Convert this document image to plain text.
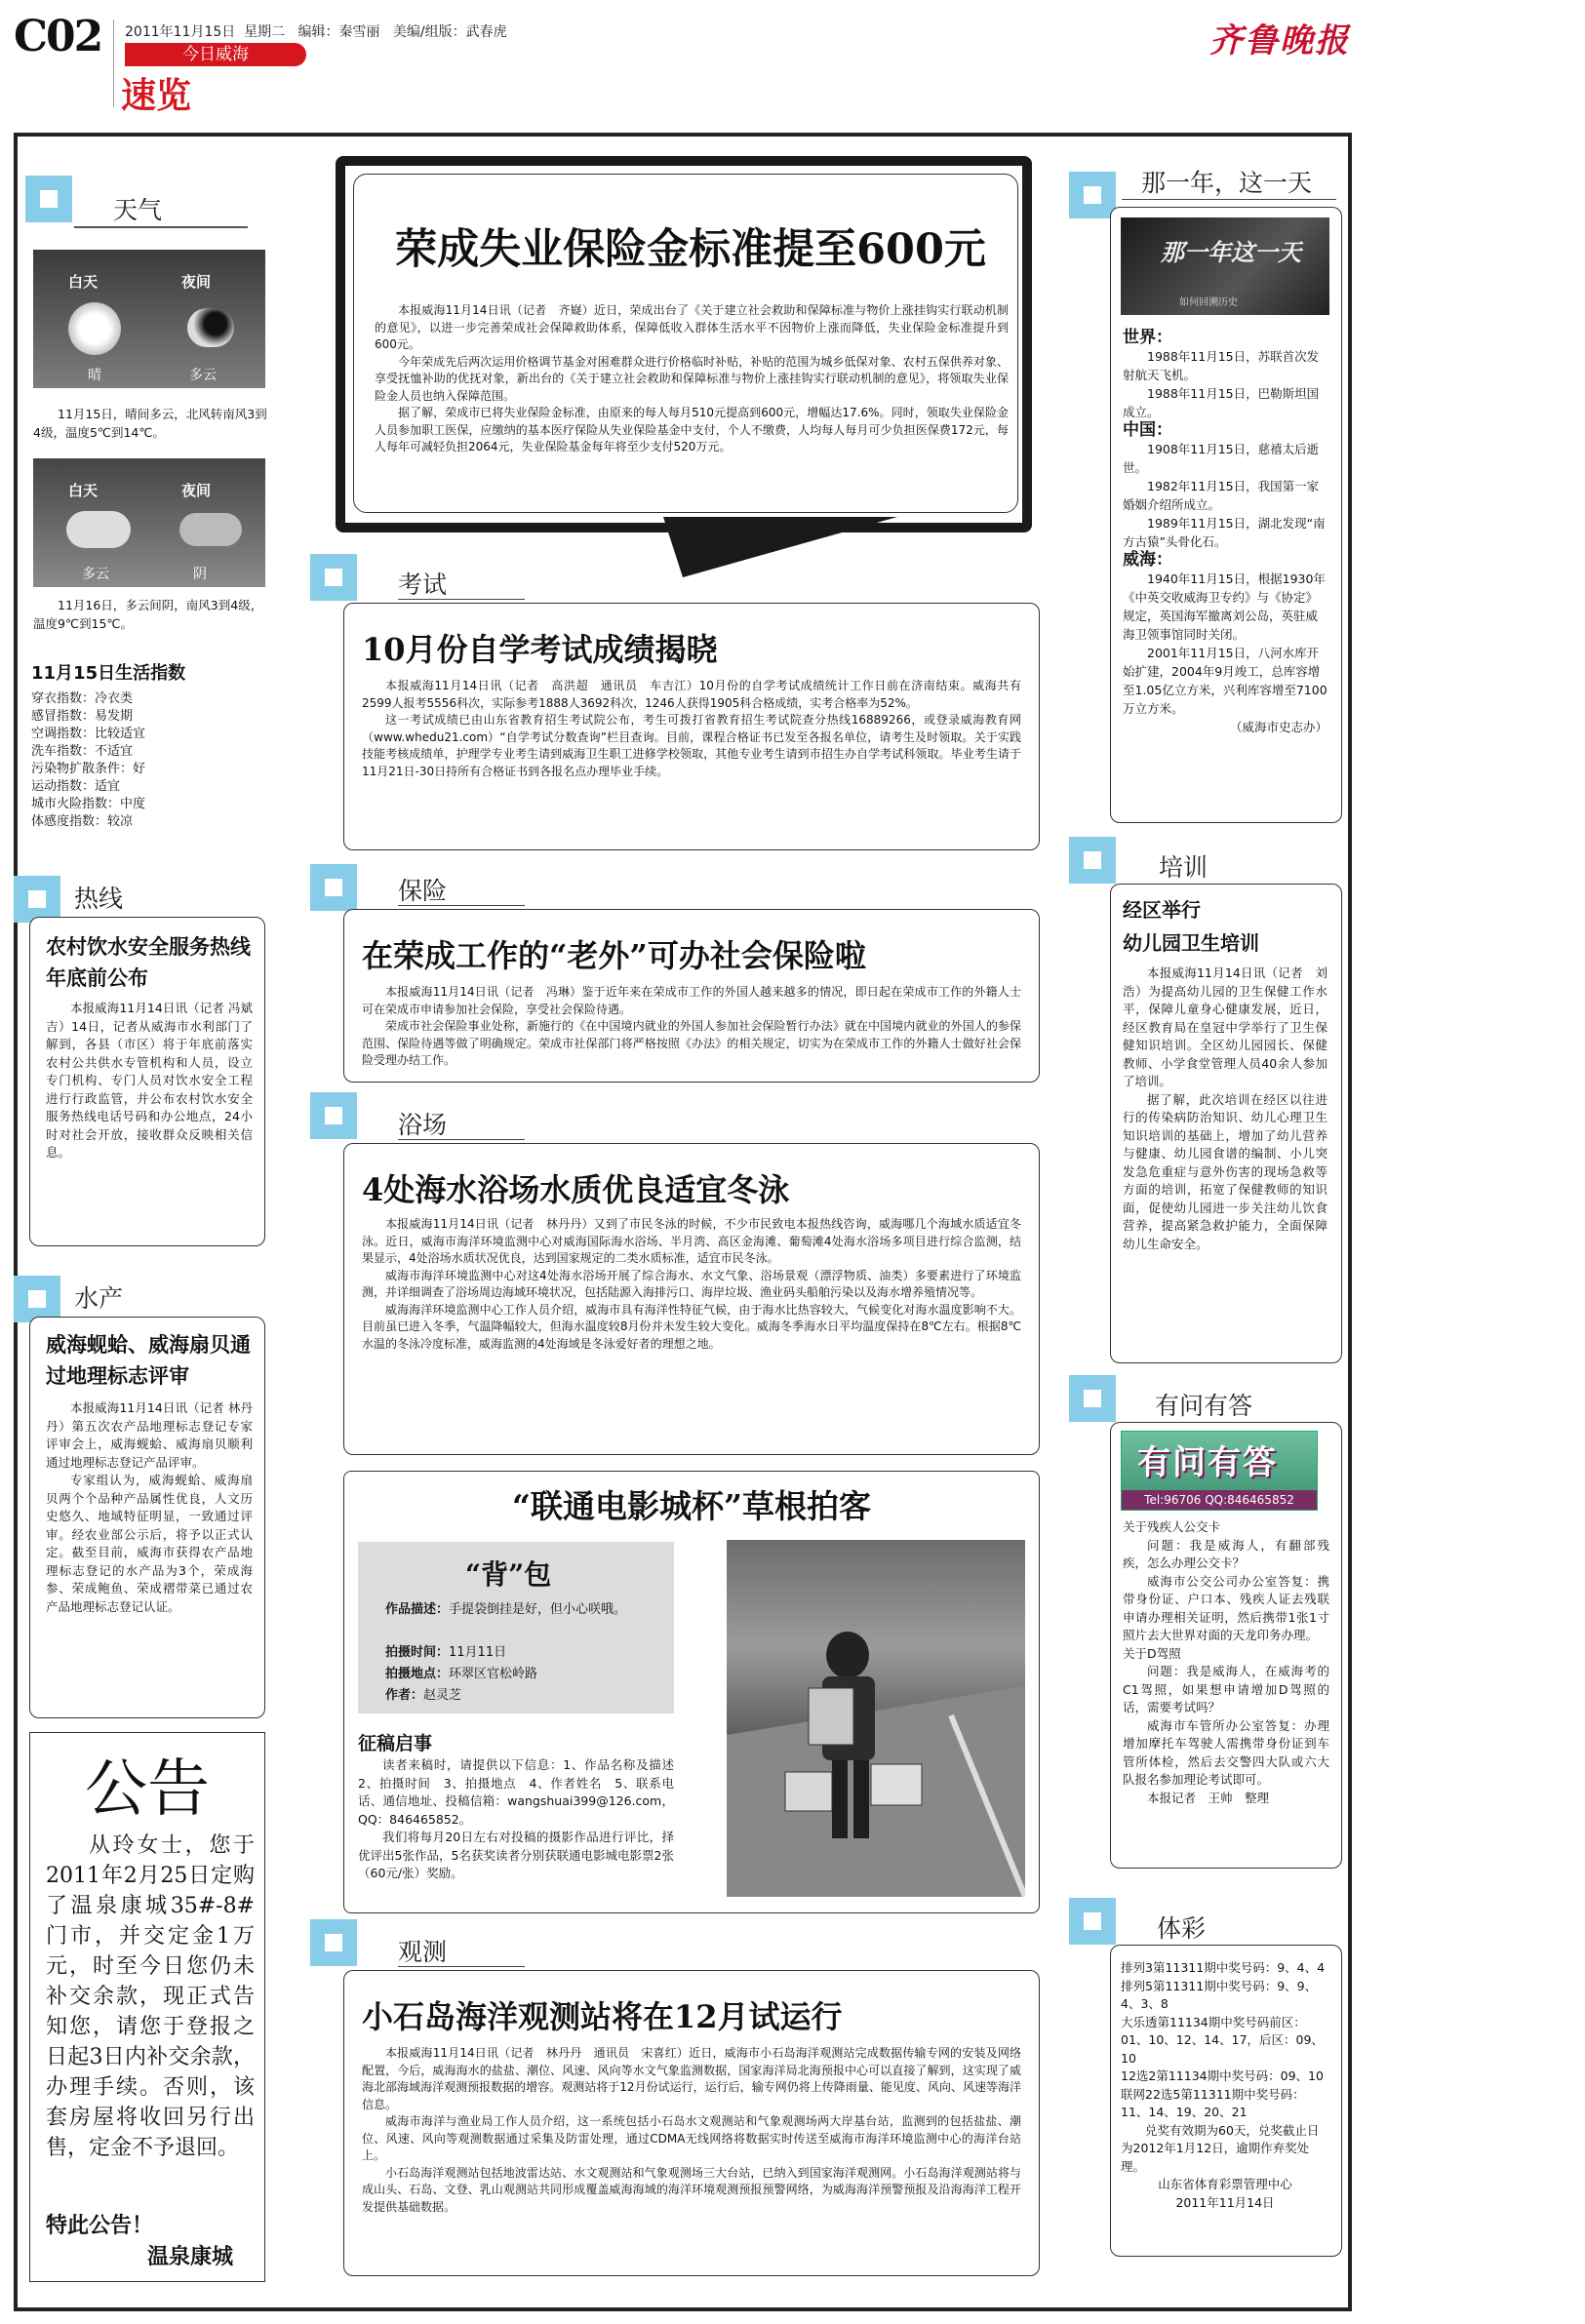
C02 2011年11月15日 星期二 编辑：秦雪丽 美编/组版：武春虎
今日威海
速览
齐鲁晚报
天气
白天	夜间
晴	多云
11月15日，晴间多云，北风转南风3到4级，温度5℃到14℃。
白天	夜间
多云	阴
11月16日，多云间阴，南风3到4级，温度9℃到15℃。
11月15日生活指数
穿衣指数：冷衣类
感冒指数：易发期
空调指数：比较适宜
洗车指数：不适宜
污染物扩散条件：好
运动指数：适宜
城市火险指数：中度
体感度指数：较凉
热线
农村饮水安全服务热线年底前公布
本报威海11月14日讯（记者 冯斌吉）14日，记者从威海市水利部门了解到，各县（市区）将于年底前落实农村公共供水专管机构和人员，设立专门机构、专门人员对饮水安全工程进行行政监管，并公布农村饮水安全服务热线电话号码和办公地点，24小时对社会开放，接收群众反映相关信息。
水产
威海蚬蛤、威海扇贝通过地理标志评审

本报威海11月14日讯（记者 林丹丹）第五次农产品地理标志登记专家评审会上，威海蚬蛤、威海扇贝顺利通过地理标志登记产品评审。

专家组认为，威海蚬蛤、威海扇贝两个个品种产品属性优良，人文历史悠久、地域特征明显，一致通过评审。经农业部公示后，将予以正式认定。截至目前，威海市获得农产品地理标志登记的水产品为3个，荣成海参、荣成鲍鱼、荣成褶带菜已通过农产品地理标志登记认证。

公告
从玲女士，您于2011年2月25日定购了温泉康城35#-8#门市，并交定金1万元，时至今日您仍未补交余款，现正式告知您，请您于登报之日起3日内补交余款，办理手续。否则，该套房屋将收回另行出售，定金不予退回。
特此公告！
温泉康城
荣成失业保险金标准提至600元

本报威海11月14日讯（记者　齐嶷）近日，荣成出台了《关于建立社会救助和保障标准与物价上涨挂钩实行联动机制的意见》，以进一步完善荣成社会保障救助体系，保障低收入群体生活水平不因物价上涨而降低，失业保险金标准提升到600元。

今年荣成先后两次运用价格调节基金对困难群众进行价格临时补贴，补贴的范围为城乡低保对象、农村五保供养对象、享受抚恤补助的优抚对象，新出台的《关于建立社会救助和保障标准与物价上涨挂钩实行联动机制的意见》，将领取失业保险金人员也纳入保障范围。

据了解，荣成市已将失业保险金标准，由原来的每人每月510元提高到600元，增幅达17.6%。同时，领取失业保险金人员参加职工医保，应缴纳的基本医疗保险从失业保险基金中支付，个人不缴费，人均每人每月可少负担医保费172元，每人每年可减轻负担2064元，失业保险基金每年将至少支付520万元。

考试
10月份自学考试成绩揭晓

本报威海11月14日讯（记者　高洪超　通讯员　车吉江）10月份的自学考试成绩统计工作日前在济南结束。威海共有2599人报考5556科次，实际参考1888人3692科次，1246人获得1905科合格成绩，实考合格率为52%。

这一考试成绩已由山东省教育招生考试院公布，考生可拨打省教育招生考试院查分热线16889266，或登录威海教育网（www.whedu21.com）“自学考试分数查询”栏目查询。目前，课程合格证书已发至各报名单位，请考生及时领取。关于实践技能考核成绩单，护理学专业考生请到威海卫生职工进修学校领取，其他专业考生请到市招生办自学考试科领取。毕业考生请于11月21日-30日持所有合格证书到各报名点办理毕业手续。

保险
在荣成工作的“老外”可办社会保险啦

本报威海11月14日讯（记者　冯琳）鉴于近年来在荣成市工作的外国人越来越多的情况，即日起在荣成市工作的外籍人士可在荣成市申请参加社会保险，享受社会保险待遇。

荣成市社会保险事业处称，新施行的《在中国境内就业的外国人参加社会保险暂行办法》就在中国境内就业的外国人的参保范围、保险待遇等做了明确规定。荣成市社保部门将严格按照《办法》的相关规定，切实为在荣成市工作的外籍人士做好社会保险受理办结工作。

浴场
4处海水浴场水质优良适宜冬泳

本报威海11月14日讯（记者　林丹丹）又到了市民冬泳的时候，不少市民致电本报热线咨询，威海哪几个海域水质适宜冬泳。近日，威海市海洋环境监测中心对威海国际海水浴场、半月湾、高区金海滩、葡萄滩4处海水浴场多项目进行综合监测，结果显示，4处浴场水质状况优良，达到国家规定的二类水质标准，适宜市民冬泳。

威海市海洋环境监测中心对这4处海水浴场开展了综合海水、水文气象、浴场景观（漂浮物质、油类）多要素进行了环境监测，并详细调查了浴场周边海域环境状况，包括陆源入海排污口、海岸垃圾、渔业码头船舶污染以及海水增养殖情况等。

威海海洋环境监测中心工作人员介绍，威海市具有海洋性特征气候，由于海水比热容较大，气候变化对海水温度影响不大。目前虽已进入冬季，气温降幅较大，但海水温度较8月份并未发生较大变化。威海冬季海水日平均温度保持在8℃左右。根据8℃水温的冬泳冷度标准，威海监测的4处海域是冬泳爱好者的理想之地。

“联通电影城杯”草根拍客
“背”包
作品描述：手提袋倒挂是好，但小心咲哦。
拍摄时间：11月11日
拍摄地点：环翠区官松岭路
作者：赵灵芝
征稿启事

读者来稿时，请提供以下信息：1、作品名称及描述　2、拍摄时间　3、拍摄地点　4、作者姓名　5、联系电话、通信地址、投稿信箱：wangshuai399@126.com，QQ：846465852。

我们将每月20日左右对投稿的摄影作品进行评比，择优评出5张作品，5名获奖读者分别获联通电影城电影票2张（60元/张）奖励。

观测
小石岛海洋观测站将在12月试运行

本报威海11月14日讯（记者　林丹丹　通讯员　宋喜红）近日，威海市小石岛海洋观测站完成数据传输专网的安装及网络配置，今后，威海海水的盐盐、潮位、风速、风向等水文气象监测数据，国家海洋局北海预报中心可以直接了解到，这实现了威海北部海域海洋观测预报数据的增容。观测站将于12月份试运行，运行后，输专网仍将上传降雨量、能见度、风向、风速等海洋信息。

威海市海洋与渔业局工作人员介绍，这一系统包括小石岛水文观测站和气象观测场两大岸基台站，监测到的包括盐盐、潮位、风速、风向等观测数据通过采集及防雷处理，通过CDMA无线网络将数据实时传送至威海市海洋环境监测中心的海洋台站上。

小石岛海洋观测站包括地波雷达站、水文观测站和气象观测场三大台站，已纳入到国家海洋观测网。小石岛海洋观测站将与成山头、石岛、文登、乳山观测站共同形成覆盖威海海域的海洋环境观测预报预警网络，为威海海洋预警预报及沿海海洋工程开发提供基础数据。

那一年，这一天
那一年这一天
如何回溯历史
世界：
1988年11月15日，苏联首次发射航天飞机。
1988年11月15日，巴勒斯坦国成立。
中国：
1908年11月15日，慈禧太后逝世。
1982年11月15日，我国第一家婚姻介绍所成立。
1989年11月15日，湖北发现“南方古猿”头骨化石。
威海：
1940年11月15日，根据1930年《中英交收威海卫专约》与《协定》规定，英国海军撤离刘公岛，英驻威海卫领事馆同时关闭。
2001年11月15日，八河水库开始扩建，2004年9月竣工，总库容增至1.05亿立方米，兴利库容增至7100万立方米。
（威海市史志办）
培训
经区举行
幼儿园卫生培训

本报威海11月14日讯（记者　刘浩）为提高幼儿园的卫生保健工作水平，保障儿童身心健康发展，近日，经区教育局在皇冠中学举行了卫生保健知识培训。全区幼儿园园长、保健教师、小学食堂管理人员40余人参加了培训。

据了解，此次培训在经区以往进行的传染病防治知识、幼儿心理卫生知识培训的基础上，增加了幼儿营养与健康、幼儿园食谱的编制、小儿突发急危重症与意外伤害的现场急救等方面的培训，拓宽了保健教师的知识面，促使幼儿园进一步关注幼儿饮食营养，提高紧急救护能力，全面保障幼儿生命安全。

有问有答
有问有答
Tel:96706 QQ:846465852
关于残疾人公交卡
问题：我是威海人，有翻部残疾，怎么办理公交卡？
威海市公交公司办公室答复：携带身份证、户口本、残疾人证去残联申请办理相关证明，然后携带1张1寸照片去大世界对面的天龙印务办理。
关于D驾照
问题：我是威海人，在威海考的C1驾照，如果想申请增加D驾照的话，需要考试吗？
威海市车管所办公室答复：办理增加摩托车驾驶人需携带身份证到车管所体检，然后去交警四大队或六大队报名参加理论考试即可。
本报记者　王帅　整理
体彩
排列3第11311期中奖号码：9、4、4
排列5第11311期中奖号码：9、9、4、3、8
大乐透第11134期中奖号码前区：01、10、12、14、17，后区：09、10
12选2第11134期中奖号码：09、10
联网22选5第11311期中奖号码：11、14、19、20、21
兑奖有效期为60天，兑奖截止日为2012年1月12日，逾期作弃奖处理。
山东省体育彩票管理中心
2011年11月14日
